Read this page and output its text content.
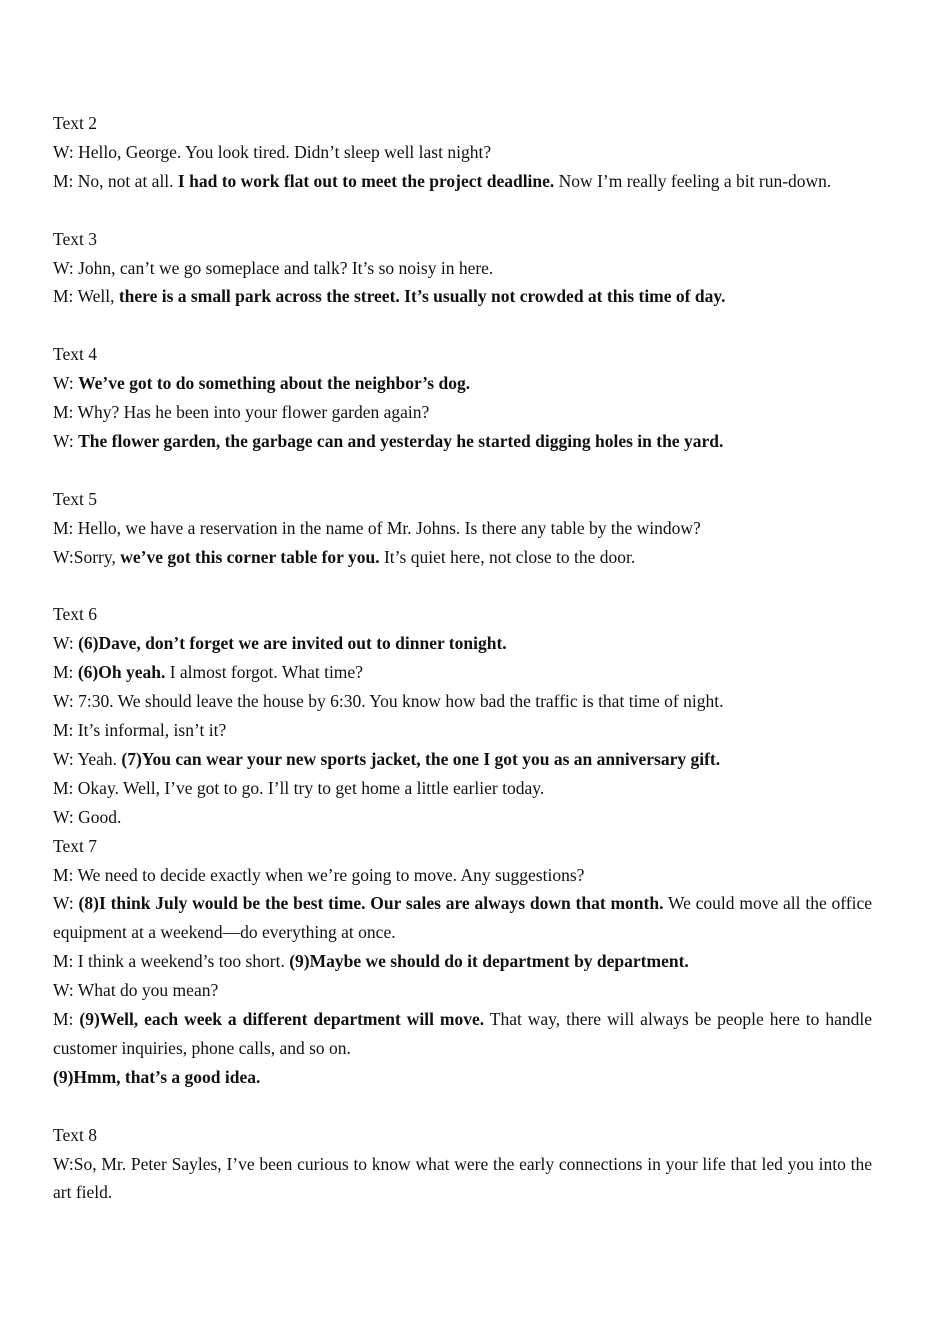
Text 2

W: Hello, George. You look tired. Didn’t sleep well last night?

M: No, not at all. I had to work flat out to meet the project deadline. Now I’m really feeling a bit run-down.

Text 3

W: John, can’t we go someplace and talk? It’s so noisy in here.

M: Well, there is a small park across the street. It’s usually not crowded at this time of day.

Text 4

W: We’ve got to do something about the neighbor’s dog.

M: Why? Has he been into your flower garden again?

W: The flower garden, the garbage can and yesterday he started digging holes in the yard.

Text 5

M: Hello, we have a reservation in the name of Mr. Johns. Is there any table by the window?

W:Sorry, we’ve got this corner table for you. It’s quiet here, not close to the door.

Text 6

W: (6)Dave, don’t forget we are invited out to dinner tonight.

M: (6)Oh yeah. I almost forgot. What time?

W: 7:30. We should leave the house by 6:30. You know how bad the traffic is that time of night.

M: It’s informal, isn’t it?

W: Yeah. (7)You can wear your new sports jacket, the one I got you as an anniversary gift.

M: Okay. Well, I’ve got to go. I’ll try to get home a little earlier today.

W: Good.

Text 7

M: We need to decide exactly when we’re going to move. Any suggestions?

W: (8)I think July would be the best time. Our sales are always down that month. We could move all the office equipment at a weekend—do everything at once.

M: I think a weekend’s too short. (9)Maybe we should do it department by department.

W: What do you mean?

M: (9)Well, each week a different department will move. That way, there will always be people here to handle customer inquiries, phone calls, and so on.

(9)Hmm, that’s a good idea.

Text 8

W:So, Mr. Peter Sayles, I’ve been curious to know what were the early connections in your life that led you into the art field.
